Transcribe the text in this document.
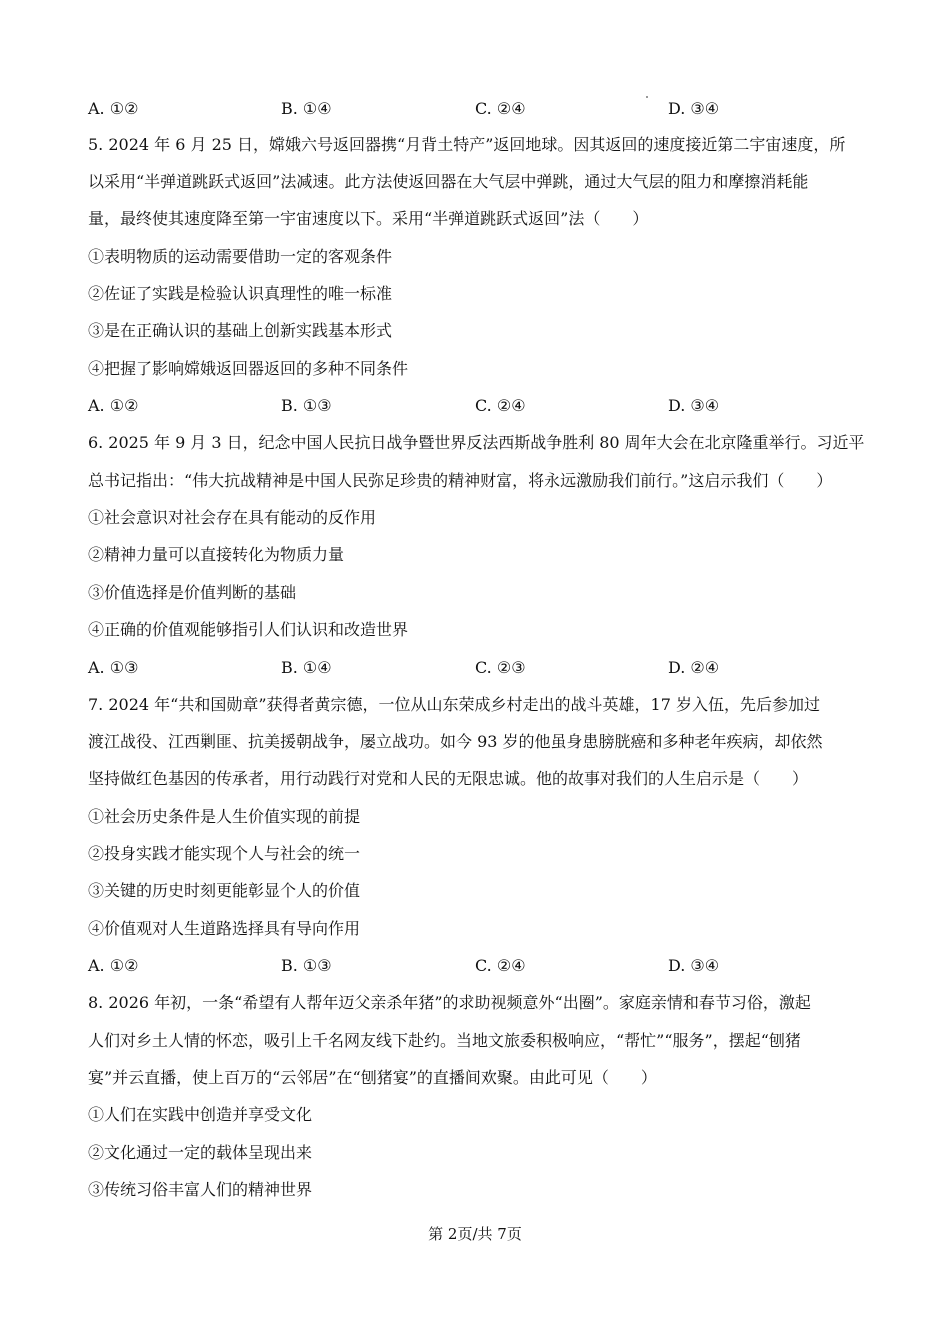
A. ①②	B. ①④	C. ②④	D. ③④
5. 2024 年 6 月 25 日，嫦娥六号返回器携“月背土特产”返回地球。因其返回的速度接近第二宇宙速度，所
以采用“半弹道跳跃式返回”法减速。此方法使返回器在大气层中弹跳，通过大气层的阻力和摩擦消耗能
量，最终使其速度降至第一宇宙速度以下。采用“半弹道跳跃式返回”法（　　）
①表明物质的运动需要借助一定的客观条件
②佐证了实践是检验认识真理性的唯一标准
③是在正确认识的基础上创新实践基本形式
④把握了影响嫦娥返回器返回的多种不同条件
A. ①②	B. ①③	C. ②④	D. ③④
6. 2025 年 9 月 3 日，纪念中国人民抗日战争暨世界反法西斯战争胜利 80 周年大会在北京隆重举行。习近平
总书记指出：“伟大抗战精神是中国人民弥足珍贵的精神财富，将永远激励我们前行。”这启示我们（　　）
①社会意识对社会存在具有能动的反作用
②精神力量可以直接转化为物质力量
③价值选择是价值判断的基础
④正确的价值观能够指引人们认识和改造世界
A. ①③	B. ①④	C. ②③	D. ②④
7. 2024 年“共和国勋章”获得者黄宗德，一位从山东荣成乡村走出的战斗英雄，17 岁入伍，先后参加过
渡江战役、江西剿匪、抗美援朝战争，屡立战功。如今 93 岁的他虽身患膀胱癌和多种老年疾病，却依然
坚持做红色基因的传承者，用行动践行对党和人民的无限忠诚。他的故事对我们的人生启示是（　　）
①社会历史条件是人生价值实现的前提
②投身实践才能实现个人与社会的统一
③关键的历史时刻更能彰显个人的价值
④价值观对人生道路选择具有导向作用
A. ①②	B. ①③	C. ②④	D. ③④
8. 2026 年初，一条“希望有人帮年迈父亲杀年猪”的求助视频意外“出圈”。家庭亲情和春节习俗，激起
人们对乡土人情的怀恋，吸引上千名网友线下赴约。当地文旅委积极响应，“帮忙”“服务”，摆起“刨猪
宴”并云直播，使上百万的“云邻居”在“刨猪宴”的直播间欢聚。由此可见（　　）
①人们在实践中创造并享受文化
②文化通过一定的载体呈现出来
③传统习俗丰富人们的精神世界
第 2页/共 7页
